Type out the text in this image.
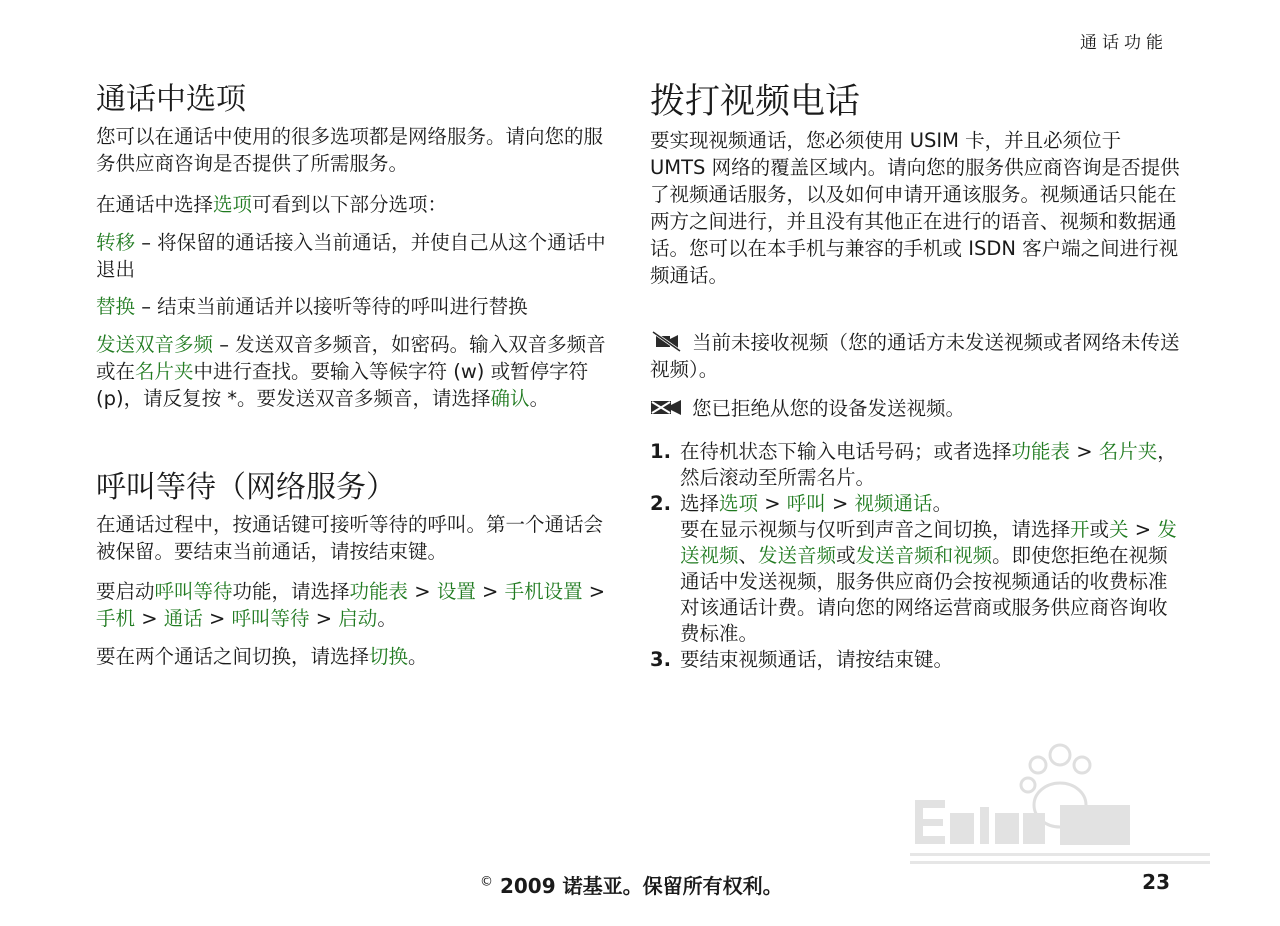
通话功能
通话中选项

您可以在通话中使用的很多选项都是网络服务。请向您的服务供应商咨询是否提供了所需服务。

在通话中选择选项可看到以下部分选项：

转移 – 将保留的通话接入当前通话，并使自己从这个通话中退出

替换 – 结束当前通话并以接听等待的呼叫进行替换

发送双音多频 – 发送双音多频音，如密码。输入双音多频音或在名片夹中进行查找。要输入等候字符 (w) 或暂停字符 (p)，请反复按 *。要发送双音多频音，请选择确认。

呼叫等待（网络服务）

在通话过程中，按通话键可接听等待的呼叫。第一个通话会被保留。要结束当前通话，请按结束键。

要启动呼叫等待功能，请选择功能表 > 设置 > 手机设置 > 手机 > 通话 > 呼叫等待 > 启动。

要在两个通话之间切换，请选择切换。

拨打视频电话

要实现视频通话，您必须使用 USIM 卡，并且必须位于 UMTS 网络的覆盖区域内。请向您的服务供应商咨询是否提供了视频通话服务，以及如何申请开通该服务。视频通话只能在两方之间进行，并且没有其他正在进行的语音、视频和数据通话。您可以在本手机与兼容的手机或 ISDN 客户端之间进行视频通话。

当前未接收视频（您的通话方未发送视频或者网络未传送视频）。
您已拒绝从您的设备发送视频。
1. 在待机状态下输入电话号码；或者选择功能表 > 名片夹，然后滚动至所需名片。
2. 选择选项 > 呼叫 > 视频通话。
要在显示视频与仅听到声音之间切换，请选择开或关 > 发送视频、发送音频或发送音频和视频。即使您拒绝在视频通话中发送视频，服务供应商仍会按视频通话的收费标准对该通话计费。请向您的网络运营商或服务供应商咨询收费标准。
3. 要结束视频通话，请按结束键。
© 2009 诺基亚。保留所有权利。	23
